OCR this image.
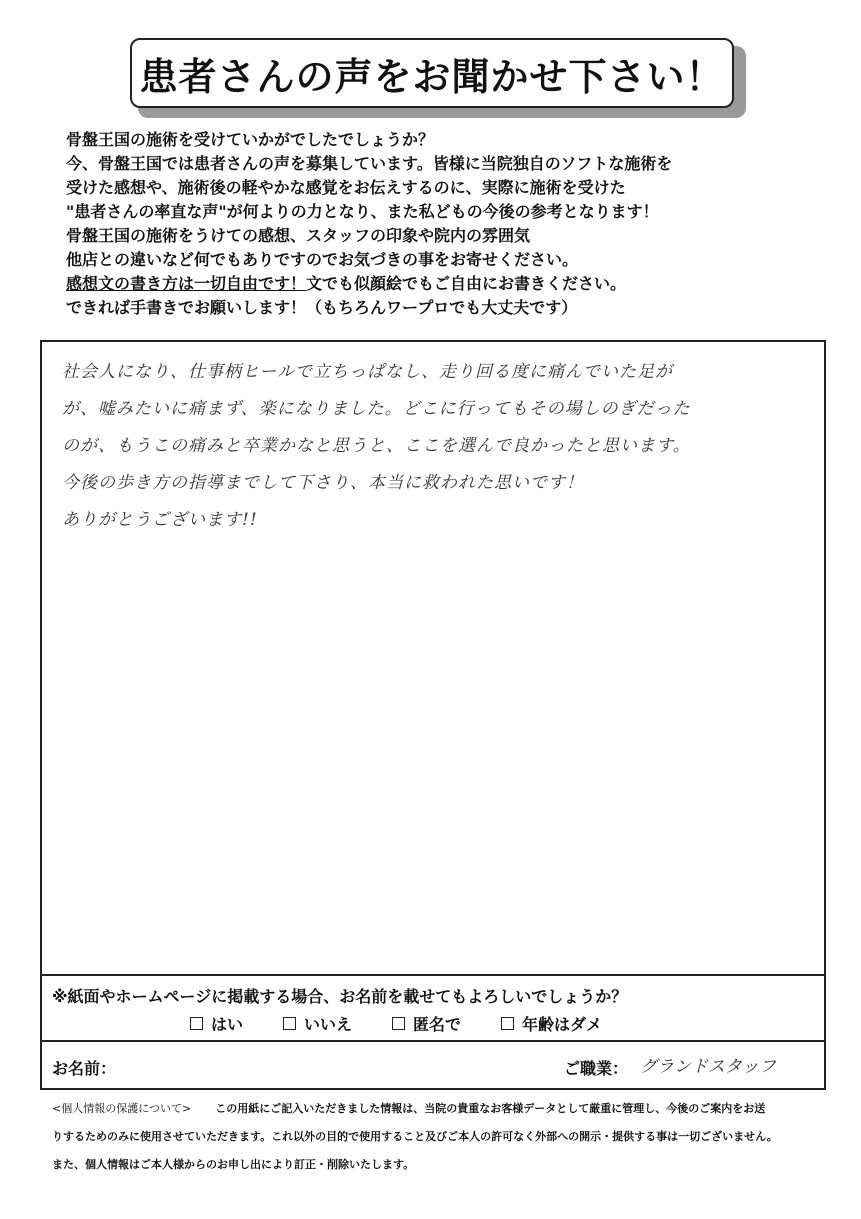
患者さんの声をお聞かせ下さい！
骨盤王国の施術を受けていかがでしたでしょうか？
今、骨盤王国では患者さんの声を募集しています。皆様に当院独自のソフトな施術を
受けた感想や、施術後の軽やかな感覚をお伝えするのに、実際に施術を受けた
"患者さんの率直な声"が何よりの力となり、また私どもの今後の参考となります！
骨盤王国の施術をうけての感想、スタッフの印象や院内の雰囲気
他店との違いなど何でもありですのでお気づきの事をお寄せください。
感想文の書き方は一切自由です！文でも似顔絵でもご自由にお書きください。
できれば手書きでお願いします！（もちろんワープロでも大丈夫です）
社会人になり、仕事柄ヒールで立ちっぱなし、走り回る度に痛んでいた足が
が、嘘みたいに痛まず、楽になりました。どこに行ってもその場しのぎだった
のが、もうこの痛みと卒業かなと思うと、ここを選んで良かったと思います。
今後の歩き方の指導までして下さり、本当に救われた思いです！
ありがとうございます!!
※紙面やホームページに掲載する場合、お名前を載せてもよろしいでしょうか？
はい	いいえ	匿名で	年齢はダメ
お名前：	ご職業： グランドスタッフ
<個人情報の保護について> この用紙にご記入いただきました情報は、当院の貴重なお客様データとして厳重に管理し、今後のご案内をお送
りするためのみに使用させていただきます。これ以外の目的で使用すること及びご本人の許可なく外部への開示・提供する事は一切ございません。
また、個人情報はご本人様からのお申し出により訂正・削除いたします。
